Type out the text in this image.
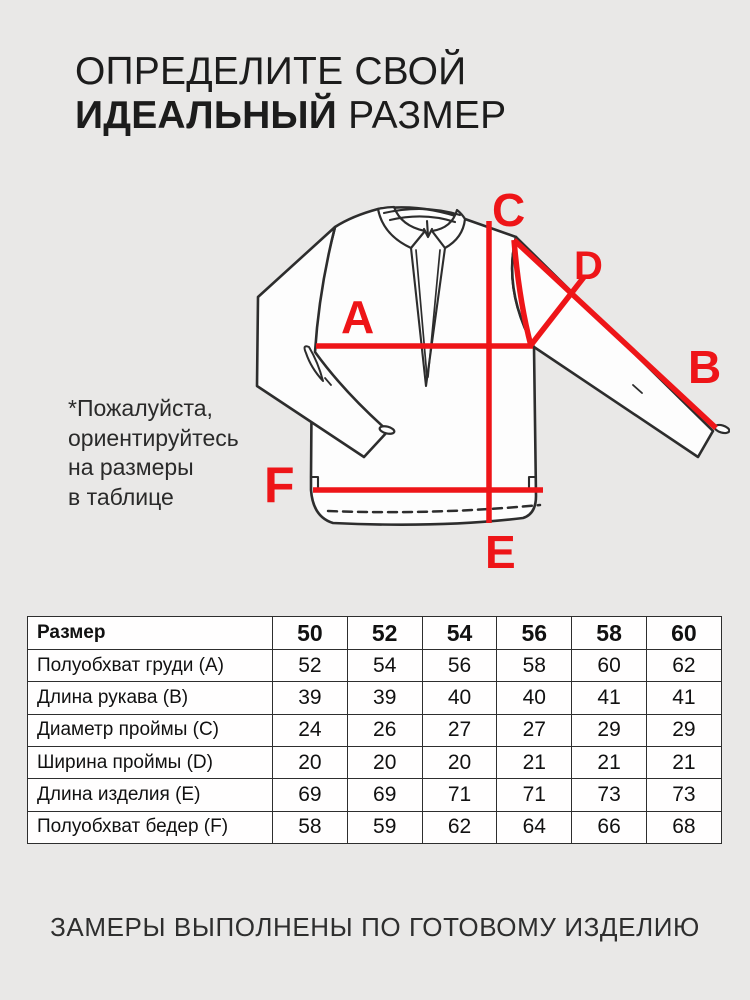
ОПРЕДЕЛИТЕ СВОЙ
ИДЕАЛЬНЫЙ РАЗМЕР
A
B
C
D
E
F
*Пожалуйста,
ориентируйтесь
на размеры
в таблице
Размер	50	52	54	56	58	60
Полуобхват груди (A)	52	54	56	58	60	62
Длина рукава (B)	39	39	40	40	41	41
Диаметр проймы (C)	24	26	27	27	29	29
Ширина проймы (D)	20	20	20	21	21	21
Длина изделия (E)	69	69	71	71	73	73
Полуобхват бедер (F)	58	59	62	64	66	68
ЗАМЕРЫ ВЫПОЛНЕНЫ ПО ГОТОВОМУ ИЗДЕЛИЮ
